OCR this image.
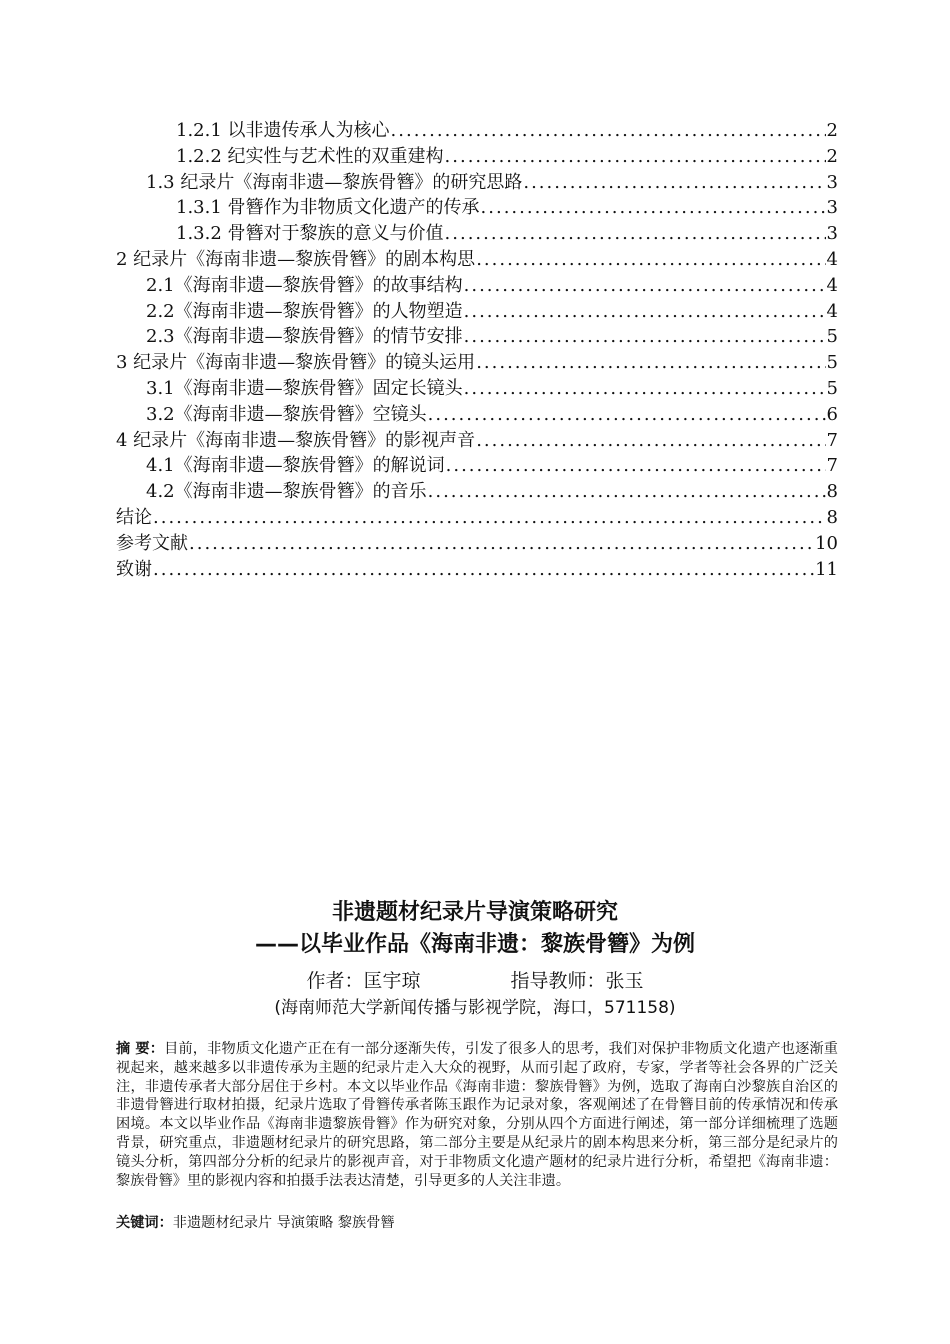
1.2.1 以非遗传承人为核心 .....	2
1.2.2 纪实性与艺术性的双重建构 .....	2
1.3 纪录片《海南非遗—黎族骨簪》的研究思路 .....	3
1.3.1 骨簪作为非物质文化遗产的传承 .....	3
1.3.2 骨簪对于黎族的意义与价值 .....	3
2 纪录片《海南非遗—黎族骨簪》的剧本构思 .....	4
2.1《海南非遗—黎族骨簪》的故事结构 .....	4
2.2《海南非遗—黎族骨簪》的人物塑造 .....	4
2.3《海南非遗—黎族骨簪》的情节安排 .....	5
3 纪录片《海南非遗—黎族骨簪》的镜头运用 .....	5
3.1《海南非遗—黎族骨簪》固定长镜头 .....	5
3.2《海南非遗—黎族骨簪》空镜头 .....	6
4 纪录片《海南非遗—黎族骨簪》的影视声音 .....	7
4.1《海南非遗—黎族骨簪》的解说词 .....	7
4.2《海南非遗—黎族骨簪》的音乐 .....	8
结论 .....	8
参考文献 .....	10
致谢 .....	11
非遗题材纪录片导演策略研究
——以毕业作品《海南非遗：黎族骨簪》为例
作者：匡宇琼	指导教师：张玉
(海南师范大学新闻传播与影视学院，海口，571158)
摘 要：目前，非物质文化遗产正在有一部分逐渐失传，引发了很多人的思考，我们对保护非物质文化遗产也逐渐重视起来，越来越多以非遗传承为主题的纪录片走入大众的视野，从而引起了政府，专家，学者等社会各界的广泛关注，非遗传承者大部分居住于乡村。本文以毕业作品《海南非遗：黎族骨簪》为例，选取了海南白沙黎族自治区的非遗骨簪进行取材拍摄，纪录片选取了骨簪传承者陈玉跟作为记录对象，客观阐述了在骨簪目前的传承情况和传承困境。本文以毕业作品《海南非遗黎族骨簪》作为研究对象，分别从四个方面进行阐述，第一部分详细梳理了选题背景，研究重点，非遗题材纪录片的研究思路，第二部分主要是从纪录片的剧本构思来分析，第三部分是纪录片的镜头分析，第四部分分析的纪录片的影视声音，对于非物质文化遗产题材的纪录片进行分析，希望把《海南非遗：黎族骨簪》里的影视内容和拍摄手法表达清楚，引导更多的人关注非遗。
关键词：非遗题材纪录片 导演策略 黎族骨簪
